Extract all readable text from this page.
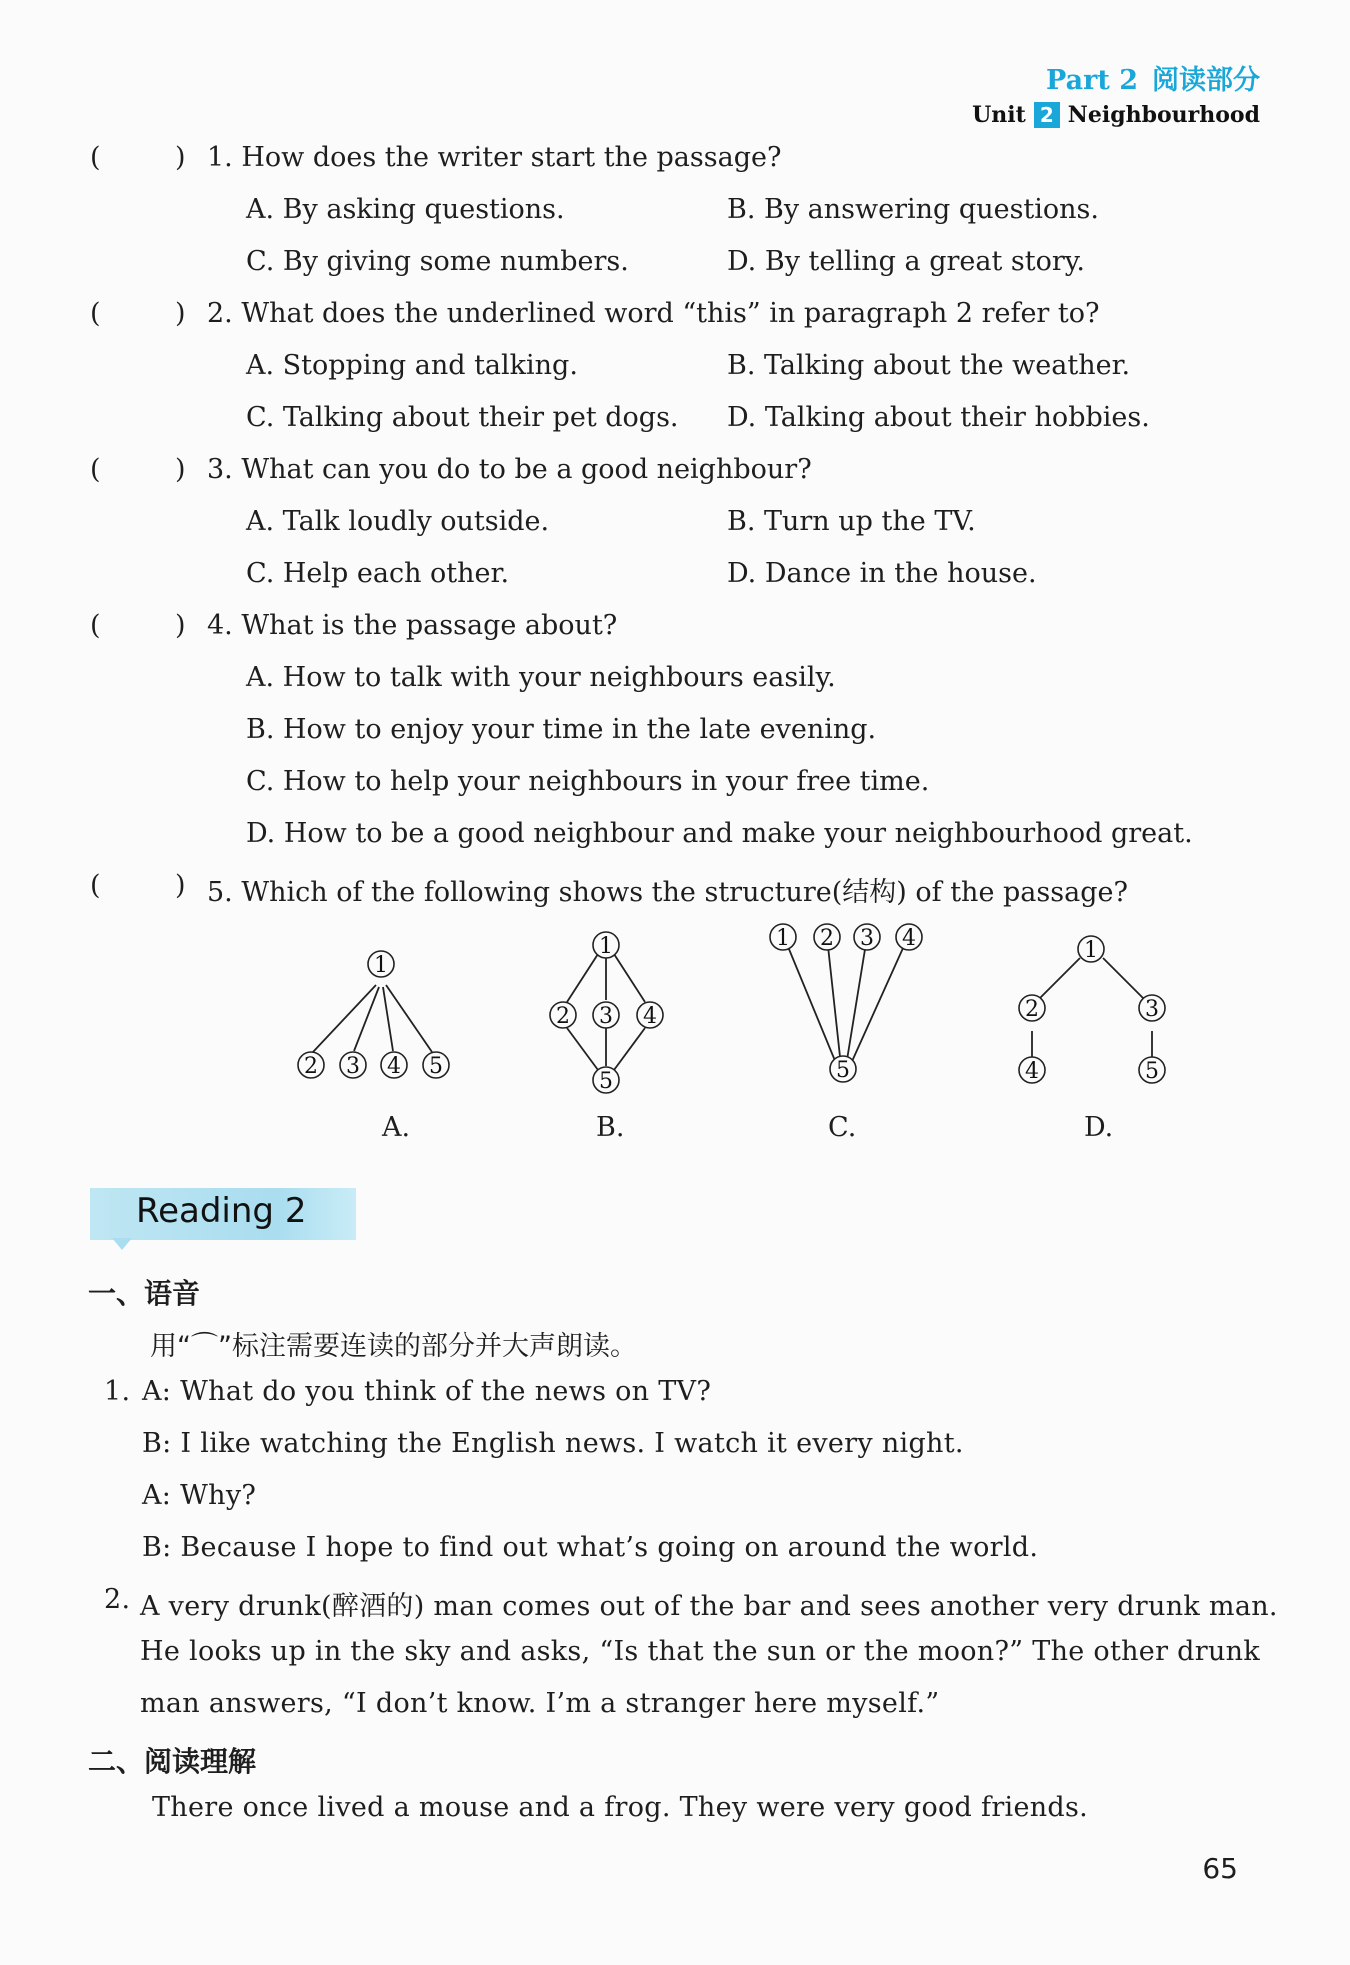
Part 2 阅读部分
Unit 2 Neighbourhood
(	) 1. How does the writer start the passage?
A. By asking questions.	B. By answering questions.
C. By giving some numbers.	D. By telling a great story.
(	) 2. What does the underlined word “this” in paragraph 2 refer to?
A. Stopping and talking.	B. Talking about the weather.
C. Talking about their pet dogs. D. Talking about their hobbies.
(	) 3. What can you do to be a good neighbour?
A. Talk loudly outside.	B. Turn up the TV.
C. Help each other.	D. Dance in the house.
(	) 4. What is the passage about?
A. How to talk with your neighbours easily.
B. How to enjoy your time in the late evening.
C. How to help your neighbours in your free time.
D. How to be a good neighbour and make your neighbourhood great.
(	) 5. Which of the following shows the structure(结构) of the passage?
1
2 3 4 5
1
2 3 4
5
1 2 3 4
5
1
2	3
4	5
A.	B.	C.	D.
Reading 2
一、语音
用“⌒”标注需要连读的部分并大声朗读。
1. A: What do you think of the news on TV?
B: I like watching the English news. I watch it every night.
A: Why?
B: Because I hope to find out what’s going on around the world.
2. A very drunk(醉酒的) man comes out of the bar and sees another very drunk man.
He looks up in the sky and asks, “Is that the sun or the moon?” The other drunk
man answers, “I don’t know. I’m a stranger here myself.”
二、阅读理解
There once lived a mouse and a frog. They were very good friends.
65
